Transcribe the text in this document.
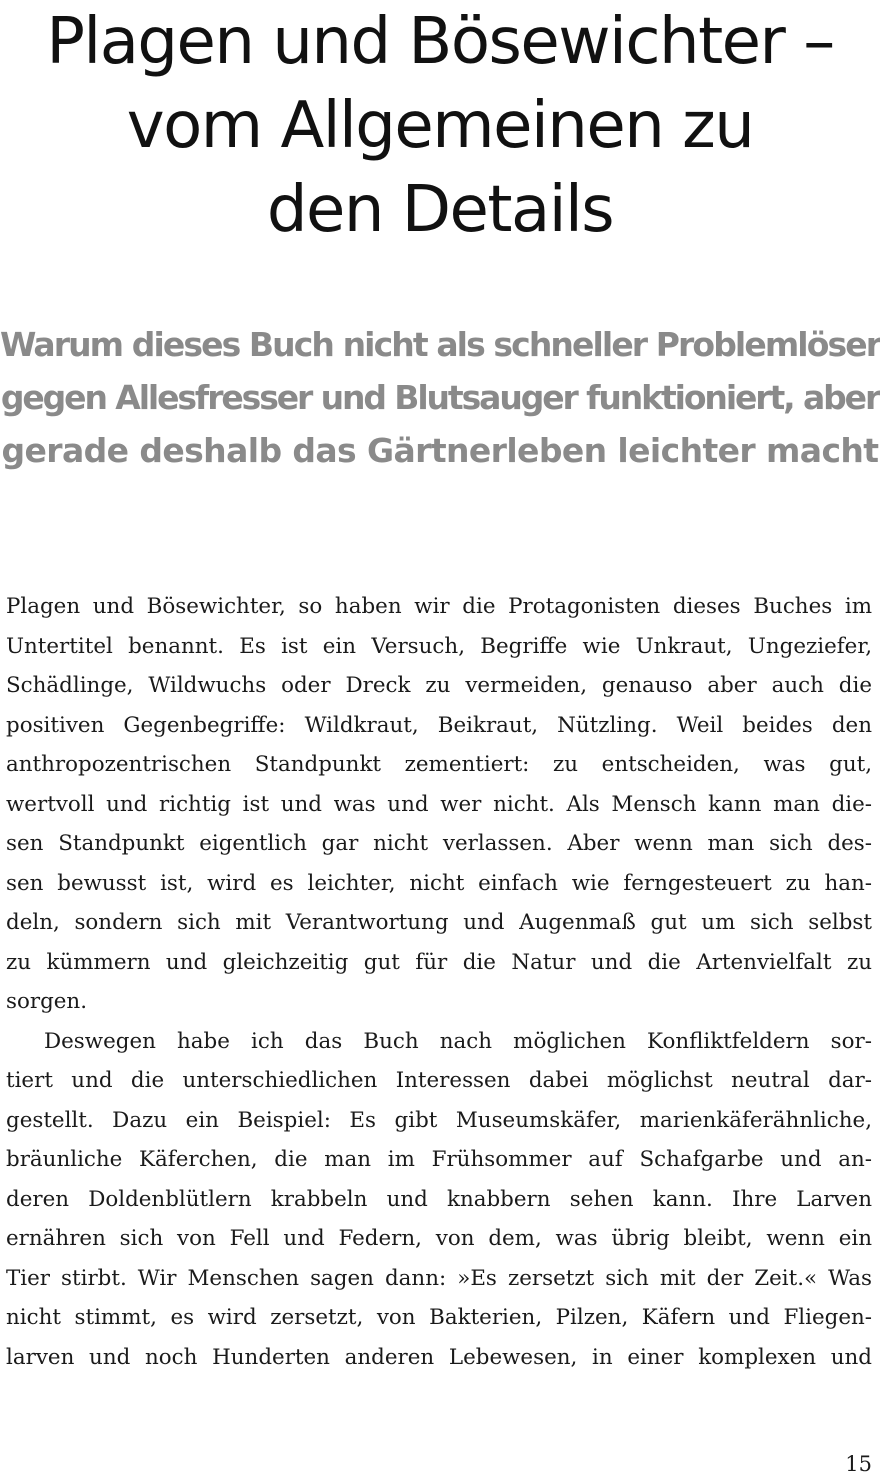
Plagen und Bösewichter –
vom Allgemeinen zu
den Details
Warum dieses Buch nicht als schneller Problemlöser
gegen Allesfresser und Blutsauger funktioniert, aber
gerade deshalb das Gärtnerleben leichter macht
Plagen und Bösewichter, so haben wir die Protagonisten dieses Buches im
Untertitel benannt. Es ist ein Versuch, Begriffe wie Unkraut, Ungeziefer,
Schädlinge, Wildwuchs oder Dreck zu vermeiden, genauso aber auch die
positiven Gegenbegriffe: Wildkraut, Beikraut, Nützling. Weil beides den
anthropozentrischen Standpunkt zementiert: zu entscheiden, was gut,
wertvoll und richtig ist und was und wer nicht. Als Mensch kann man die-
sen Standpunkt eigentlich gar nicht verlassen. Aber wenn man sich des-
sen bewusst ist, wird es leichter, nicht einfach wie ferngesteuert zu han-
deln, sondern sich mit Verantwortung und Augenmaß gut um sich selbst
zu kümmern und gleichzeitig gut für die Natur und die Artenvielfalt zu
sorgen.
Deswegen habe ich das Buch nach möglichen Konfliktfeldern sor-
tiert und die unterschiedlichen Interessen dabei möglichst neutral dar-
gestellt. Dazu ein Beispiel: Es gibt Museumskäfer, marienkäferähnliche,
bräunliche Käferchen, die man im Frühsommer auf Schafgarbe und an-
deren Doldenblütlern krabbeln und knabbern sehen kann. Ihre Larven
ernähren sich von Fell und Federn, von dem, was übrig bleibt, wenn ein
Tier stirbt. Wir Menschen sagen dann: »Es zersetzt sich mit der Zeit.« Was
nicht stimmt, es wird zersetzt, von Bakterien, Pilzen, Käfern und Fliegen-
larven und noch Hunderten anderen Lebewesen, in einer komplexen und
15
